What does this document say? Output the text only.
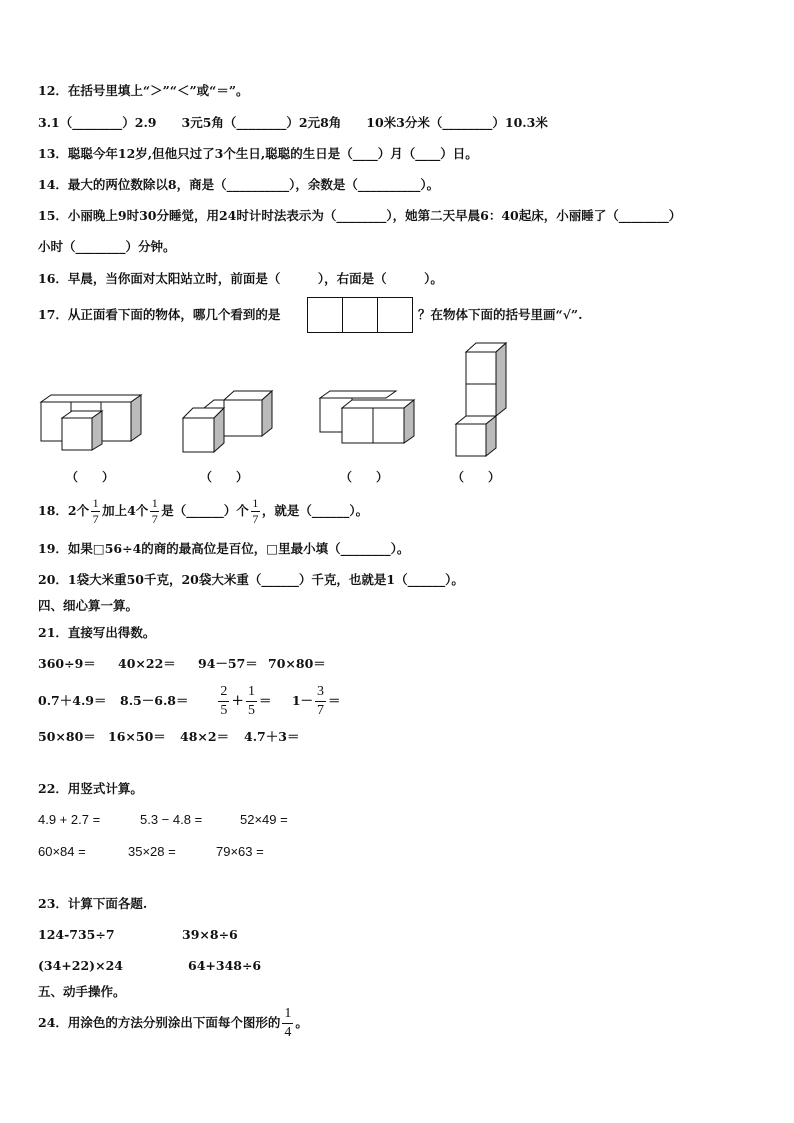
12．在括号里填上“＞”“＜”或“＝”。
3.1（________）2.9　　3元5角（________）2元8角　　10米3分米（________）10.3米
13．聪聪今年12岁,但他只过了3个生日,聪聪的生日是（____）月（____）日。
14．最大的两位数除以8，商是（__________），余数是（__________）。
15．小丽晚上9时30分睡觉，用24时计时法表示为（________），她第二天早晨6：40起床，小丽睡了（________）
小时（________）分钟。
16．早晨，当你面对太阳站立时，前面是（　　　），右面是（　　　）。
17．从正面看下面的物体，哪几个看到的是	？在物体下面的括号里画“√”.
（　　）	（　　）	（　　）	（　　）
18．2个 $\frac{1}{7}$ 加上4个 $\frac{1}{7}$ 是（______）个 $\frac{1}{7}$ ，就是（______）。
19．如果□56÷4的商的最高位是百位，□里最小填（________）。
20．1袋大米重50千克，20袋大米重（______）千克，也就是1（______）。
四、细心算一算。
21．直接写出得数。
360÷9＝ 40×22＝ 94－57＝ 70×80＝
$0.7+4.9= 8.5-6.8= \frac{2}{5} + \frac{1}{5} = 1- \frac{3}{7}$ ＝
50×80＝ 16×50＝ 48×2＝ 4.7＋3＝
22．用竖式计算。
4.9 + 2.7 =	5.3 − 4.8 =	52×49 =
60×84 =	35×28 =	79×63 =
23．计算下面各题.
124-735÷7	39×8÷6
(34+22)×24	64+348÷6
五、动手操作。
24．用涂色的方法分别涂出下面每个图形的 $\frac{1}{4}$ 。
